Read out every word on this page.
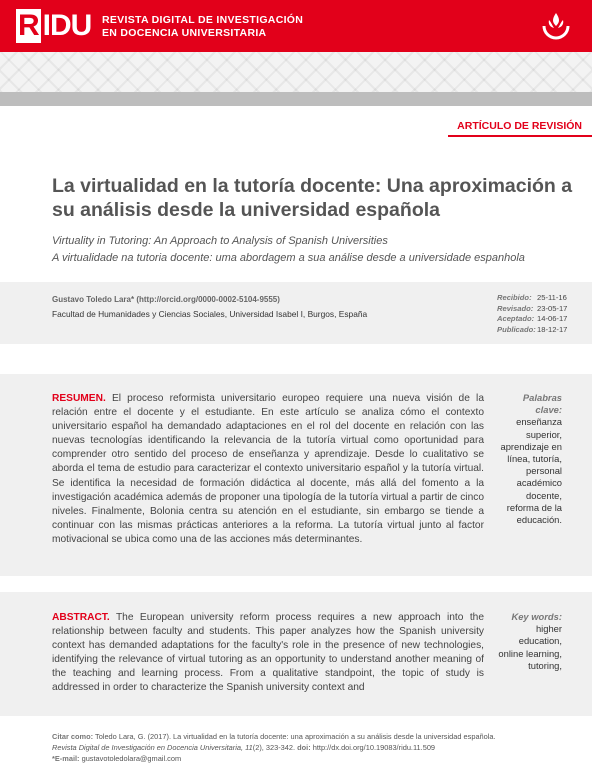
R IDU REVISTA DIGITAL DE INVESTIGACIÓN
EN DOCENCIA UNIVERSITARIA
ARTÍCULO DE REVISIÓN
La virtualidad en la tutoría docente: Una aproximación a su análisis desde la universidad española
Virtuality in Tutoring: An Approach to Analysis of Spanish Universities
A virtualidade na tutoria docente: uma abordagem a sua análise desde a universidade espanhola
Gustavo Toledo Lara* (http://orcid.org/0000-0002-5104-9555)
Facultad de Humanidades y Ciencias Sociales, Universidad Isabel I, Burgos, España
Recibido: 25-11-16
Revisado: 23-05-17
Aceptado: 14-06-17
Publicado: 18-12-17
RESUMEN. El proceso reformista universitario europeo requiere una nueva visión de la relación entre el docente y el estudiante. En este artículo se analiza cómo el contexto universitario español ha demandado adaptaciones en el rol del docente en relación con las nuevas tecnologías identificando la relevancia de la tutoría virtual como oportunidad para comprender otro sentido del proceso de enseñanza y aprendizaje. Desde lo cualitativo se aborda el tema de estudio para caracterizar el contexto universitario español y la tutoría virtual. Se identifica la necesidad de formación didáctica al docente, más allá del fomento a la investigación académica además de proponer una tipología de la tutoría virtual a partir de cinco niveles. Finalmente, Bolonia centra su atención en el estudiante, sin embargo se tiende a continuar con las mismas prácticas anteriores a la reforma. La tutoría virtual junto al factor motivacional se ubica como una de las acciones más determinantes.
Palabras clave:
enseñanza superior, aprendizaje en línea, tutoría, personal académico docente, reforma de la educación.
ABSTRACT. The European university reform process requires a new approach into the relationship between faculty and students. This paper analyzes how the Spanish university context has demanded adaptations for the faculty's role in the presence of new technologies, identifying the relevance of virtual tutoring as an opportunity to understand another meaning of the teaching and learning process. From a qualitative standpoint, the topic of study is addressed in order to characterize the Spanish university context and
Key words:
higher education, online learning, tutoring,
Citar como: Toledo Lara, G. (2017). La virtualidad en la tutoría docente: una aproximación a su análisis desde la universidad española.
Revista Digital de Investigación en Docencia Universitaria, 11(2), 323-342. doi: http://dx.doi.org/10.19083/ridu.11.509
*E-mail: gustavotoledolara@gmail.com
